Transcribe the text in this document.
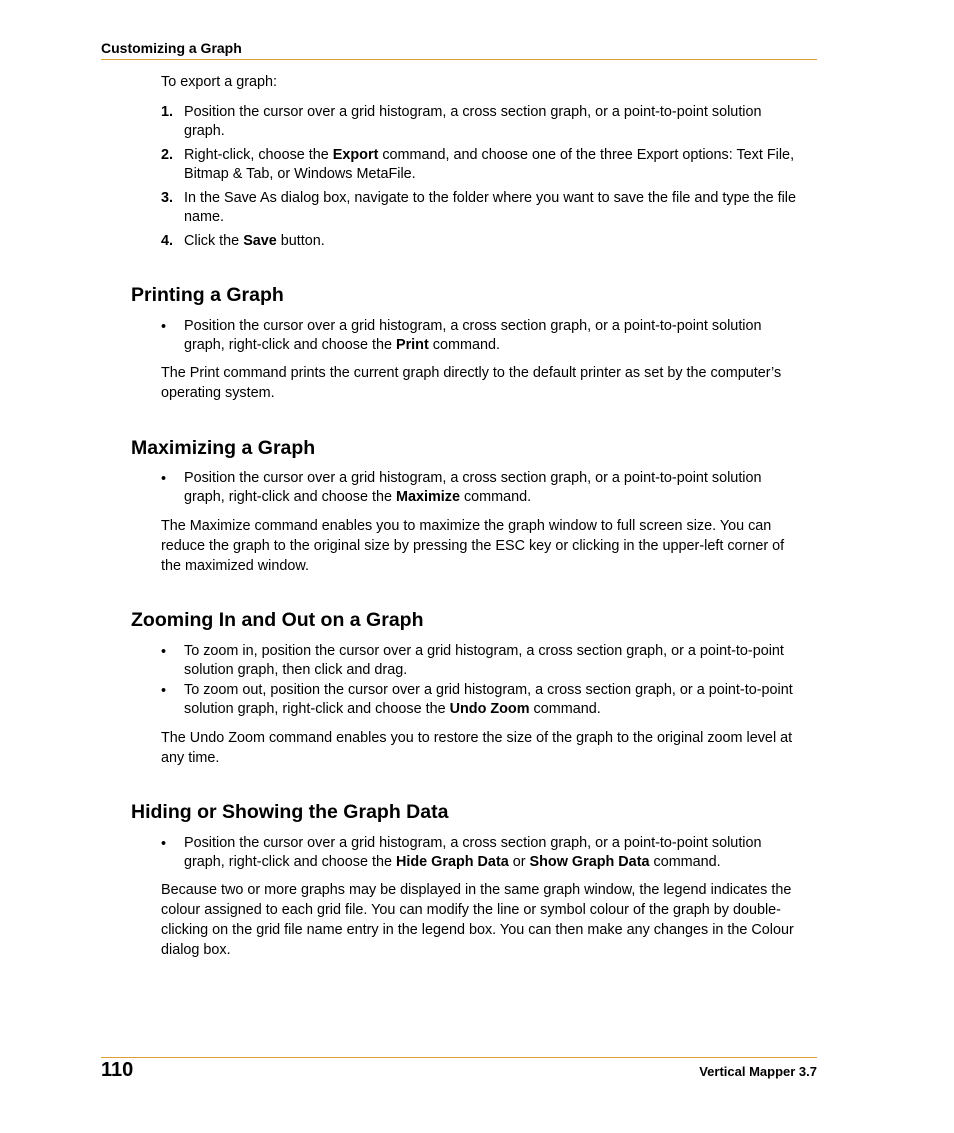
Customizing a Graph
To export a graph:
1. Position the cursor over a grid histogram, a cross section graph, or a point-to-point solution
graph.
2. Right-click, choose the Export command, and choose one of the three Export options: Text File,
Bitmap & Tab, or Windows MetaFile.
3. In the Save As dialog box, navigate to the folder where you want to save the file and type the file
name.
4. Click the Save button.
Printing a Graph
• Position the cursor over a grid histogram, a cross section graph, or a point-to-point solution
graph, right-click and choose the Print command.
The Print command prints the current graph directly to the default printer as set by the computer’s
operating system.
Maximizing a Graph
• Position the cursor over a grid histogram, a cross section graph, or a point-to-point solution
graph, right-click and choose the Maximize command.
The Maximize command enables you to maximize the graph window to full screen size. You can
reduce the graph to the original size by pressing the ESC key or clicking in the upper-left corner of
the maximized window.
Zooming In and Out on a Graph
• To zoom in, position the cursor over a grid histogram, a cross section graph, or a point-to-point
solution graph, then click and drag.
• To zoom out, position the cursor over a grid histogram, a cross section graph, or a point-to-point
solution graph, right-click and choose the Undo Zoom command.
The Undo Zoom command enables you to restore the size of the graph to the original zoom level at
any time.
Hiding or Showing the Graph Data
• Position the cursor over a grid histogram, a cross section graph, or a point-to-point solution
graph, right-click and choose the Hide Graph Data or Show Graph Data command.
Because two or more graphs may be displayed in the same graph window, the legend indicates the
colour assigned to each grid file. You can modify the line or symbol colour of the graph by double-
clicking on the grid file name entry in the legend box. You can then make any changes in the Colour
dialog box.
110	Vertical Mapper 3.7
